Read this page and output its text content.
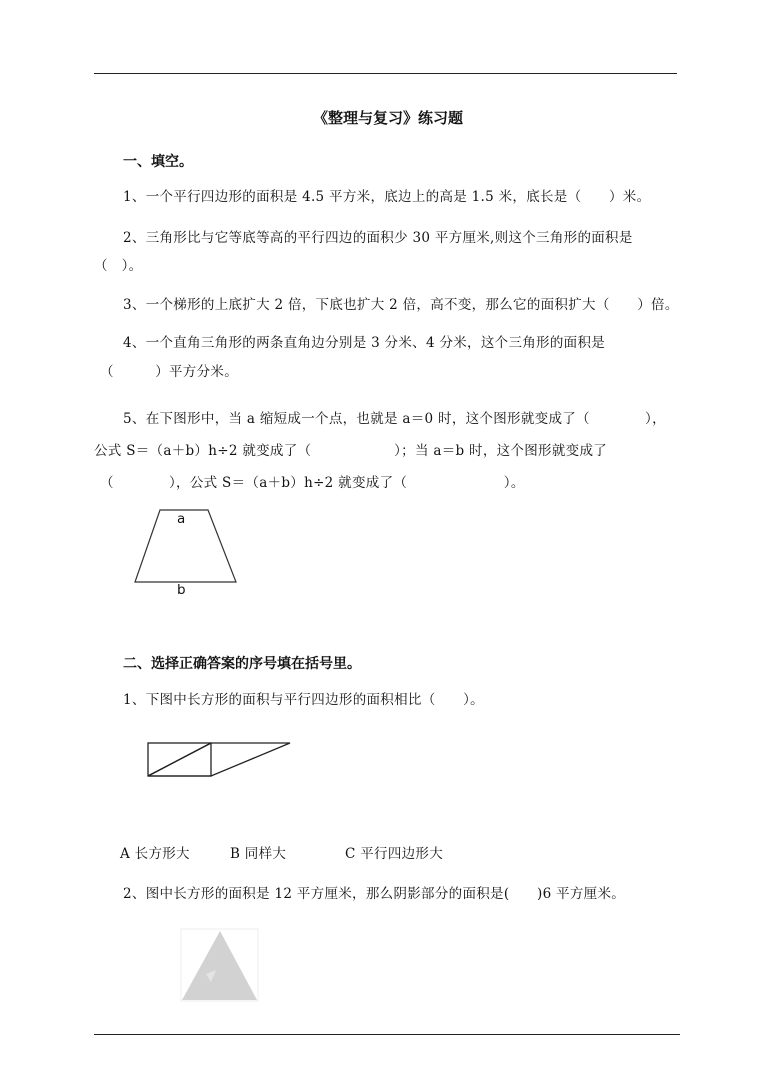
《整理与复习》练习题
一、填空。
1、一个平行四边形的面积是 4.5 平方米，底边上的高是 1.5 米，底长是（　　）米。
2、三角形比与它等底等高的平行四边的面积少 30 平方厘米,则这个三角形的面积是
（　）。
3、一个梯形的上底扩大 2 倍，下底也扩大 2 倍，高不变，那么它的面积扩大（　　）倍。
4、一个直角三角形的两条直角边分别是 3 分米、4 分米，这个三角形的面积是
（　　　）平方分米。
5、在下图形中，当 a 缩短成一个点，也就是 a＝0 时，这个图形就变成了（　　　　），
公式 S＝（a＋b）h÷2 就变成了（　　　　　　）；当 a＝b 时，这个图形就变成了
（　　　　），公式 S＝（a＋b）h÷2 就变成了（　　　　　　　）。
a
b
二、选择正确答案的序号填在括号里。
1、下图中长方形的面积与平行四边形的面积相比（　　）。
A 长方形大	B 同样大	C 平行四边形大
2、图中长方形的面积是 12 平方厘米，那么阴影部分的面积是(　　)6 平方厘米。
